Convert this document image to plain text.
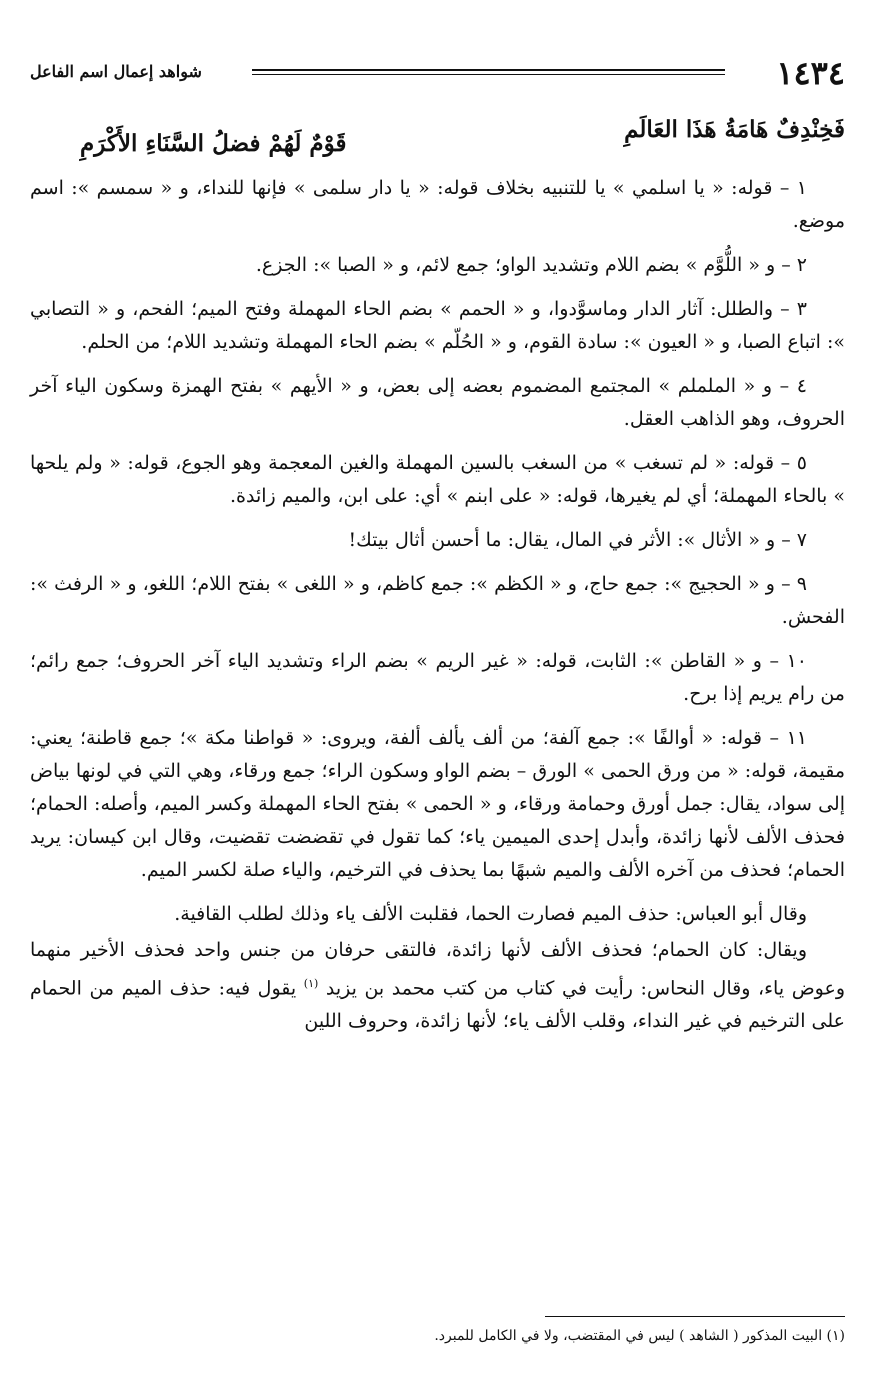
١٤٣٤
شواهد إعمال اسم الفاعل
فَخِنْدِفٌ هَامَةُ هَذَا العَالَمِ
قَوْمٌ لَهُمْ فضلُ السَّنَاءِ الأَكْرَمِ

١ – قوله: « يا اسلمي » يا للتنبيه بخلاف قوله: « يا دار سلمى » فإنها للنداء، و « سمسم »: اسم موضع.

٢ – و « اللُّوَّم » بضم اللام وتشديد الواو؛ جمع لائم، و « الصبا »: الجزع.

٣ – والطلل: آثار الدار وماسوَّدوا، و « الحمم » بضم الحاء المهملة وفتح الميم؛ الفحم، و « التصابي »: اتباع الصبا، و « العيون »: سادة القوم، و « الحُلّم » بضم الحاء المهملة وتشديد اللام؛ من الحلم.

٤ – و « الململم » المجتمع المضموم بعضه إلى بعض، و « الأيهم » بفتح الهمزة وسكون الياء آخر الحروف، وهو الذاهب العقل.

٥ – قوله: « لم تسغب » من السغب بالسين المهملة والغين المعجمة وهو الجوع، قوله: « ولم يلحها » بالحاء المهملة؛ أي لم يغيرها، قوله: « على ابنم » أي: على ابن، والميم زائدة.

٧ – و « الأثال »: الأثر في المال، يقال: ما أحسن أثال بيتك!

٩ – و « الحجيج »: جمع حاج، و « الكظم »: جمع كاظم، و « اللغى » بفتح اللام؛ اللغو، و « الرفث »: الفحش.

١٠ – و « القاطن »: الثابت، قوله: « غير الريم » بضم الراء وتشديد الياء آخر الحروف؛ جمع رائم؛ من رام يريم إذا برح.

١١ – قوله: « أوالفًا »: جمع آلفة؛ من ألف يألف ألفة، ويروى: « قواطنا مكة »؛ جمع قاطنة؛ يعني: مقيمة، قوله: « من ورق الحمى » الورق – بضم الواو وسكون الراء؛ جمع ورقاء، وهي التي في لونها بياض إلى سواد، يقال: جمل أورق وحمامة ورقاء، و « الحمى » بفتح الحاء المهملة وكسر الميم، وأصله: الحمام؛ فحذف الألف لأنها زائدة، وأبدل إحدى الميمين ياء؛ كما تقول في تقضضت تقضيت، وقال ابن كيسان: يريد الحمام؛ فحذف من آخره الألف والميم شبهًا بما يحذف في الترخيم، والياء صلة لكسر الميم.

وقال أبو العباس: حذف الميم فصارت الحما، فقلبت الألف ياء وذلك لطلب القافية.

ويقال: كان الحمام؛ فحذف الألف لأنها زائدة، فالتقى حرفان من جنس واحد فحذف الأخير منهما وعوض ياء، وقال النحاس: رأيت في كتاب من كتب محمد بن يزيد $^{(١)}$ يقول فيه: حذف الميم من الحمام على الترخيم في غير النداء، وقلب الألف ياء؛ لأنها زائدة، وحروف اللين

(١) البيت المذكور ( الشاهد ) ليس في المقتضب، ولا في الكامل للمبرد.
